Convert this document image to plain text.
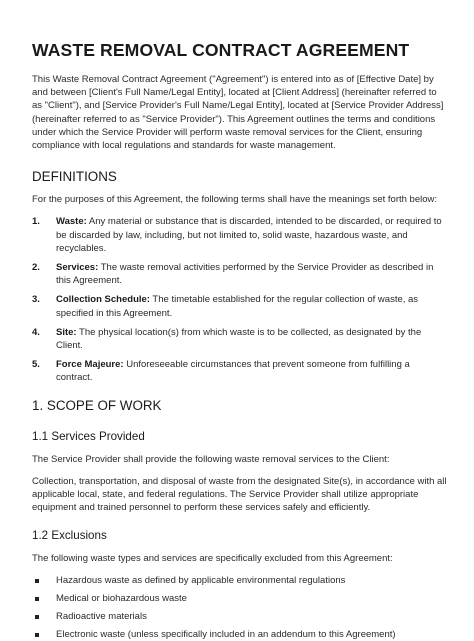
WASTE REMOVAL CONTRACT AGREEMENT

This Waste Removal Contract Agreement ("Agreement") is entered into as of [Effective Date] by and between [Client's Full Name/Legal Entity], located at [Client Address] (hereinafter referred to as "Client"), and [Service Provider's Full Name/Legal Entity], located at [Service Provider Address] (hereinafter referred to as "Service Provider"). This Agreement outlines the terms and conditions under which the Service Provider will perform waste removal services for the Client, ensuring compliance with local regulations and standards for waste management.

DEFINITIONS

For the purposes of this Agreement, the following terms shall have the meanings set forth below:

1. Waste: Any material or substance that is discarded, intended to be discarded, or required to be discarded by law, including, but not limited to, solid waste, hazardous waste, and recyclables.
2. Services: The waste removal activities performed by the Service Provider as described in this Agreement.
3. Collection Schedule: The timetable established for the regular collection of waste, as specified in this Agreement.
4. Site: The physical location(s) from which waste is to be collected, as designated by the Client.
5. Force Majeure: Unforeseeable circumstances that prevent someone from fulfilling a contract.
1. SCOPE OF WORK
1.1 Services Provided

The Service Provider shall provide the following waste removal services to the Client:

Collection, transportation, and disposal of waste from the designated Site(s), in accordance with all applicable local, state, and federal regulations. The Service Provider shall utilize appropriate equipment and trained personnel to perform these services safely and efficiently.

1.2 Exclusions

The following waste types and services are specifically excluded from this Agreement:

Hazardous waste as defined by applicable environmental regulations
Medical or biohazardous waste
Radioactive materials
Electronic waste (unless specifically included in an addendum to this Agreement)
